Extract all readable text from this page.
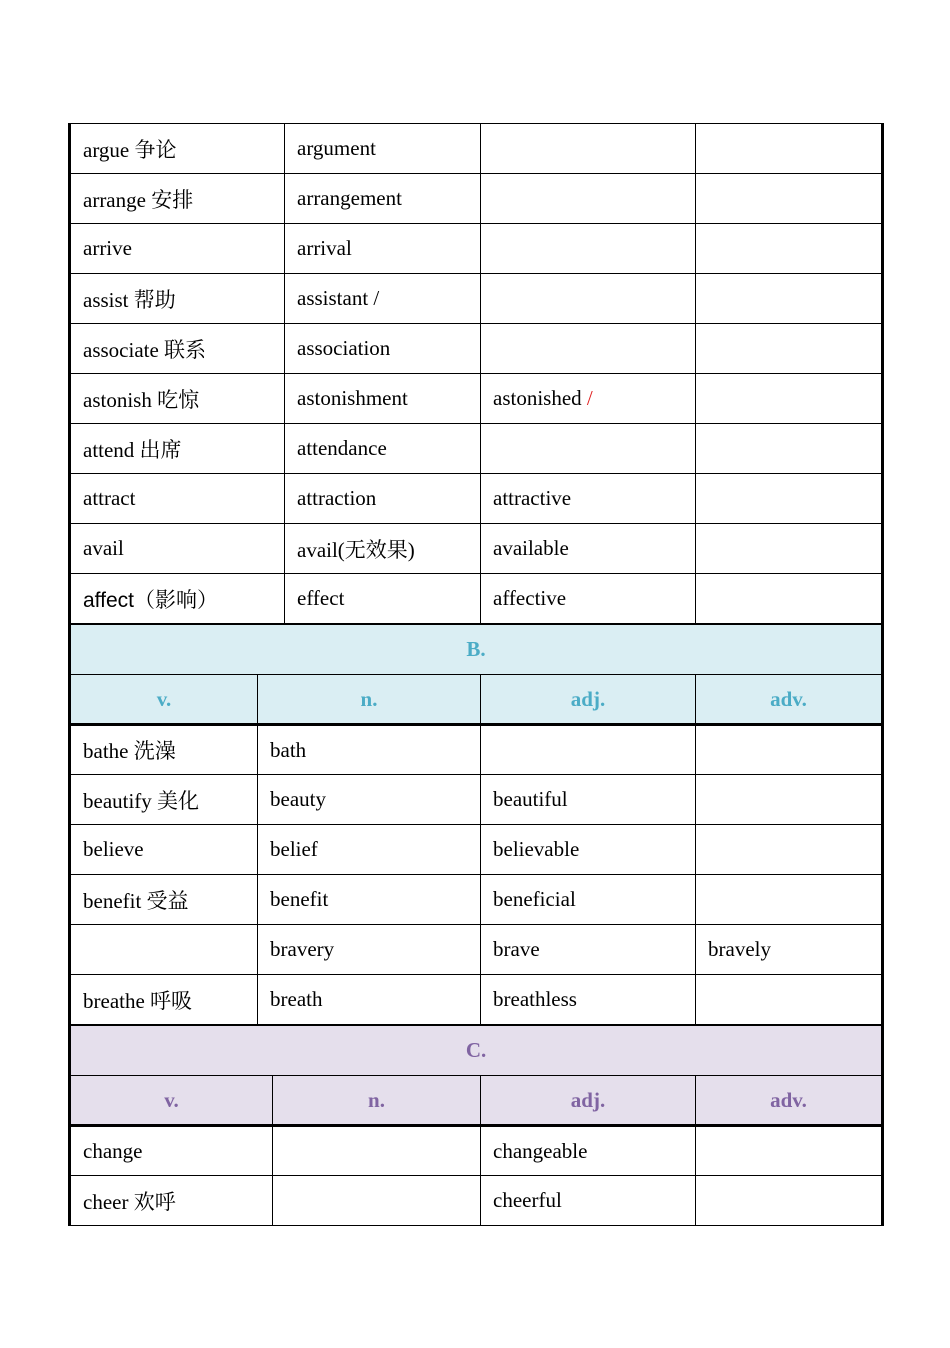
argue 争论	argument		
arrange 安排	arrangement		
arrive	arrival		
assist 帮助	assistant /		
associate 联系	association		
astonish 吃惊	astonishment	astonished /	
attend 出席	attendance		
attract	attraction	attractive	
avail	avail(无效果)	available	
affect（影响）	effect	affective	
B.			
v.	n.	adj.	adv.
bathe 洗澡	bath		
beautify 美化	beauty	beautiful	
believe	belief	believable	
benefit 受益	benefit	beneficial	
	bravery	brave	bravely
breathe 呼吸	breath	breathless	
C.			
v.	n.	adj.	adv.
change		changeable	
cheer 欢呼		cheerful	
